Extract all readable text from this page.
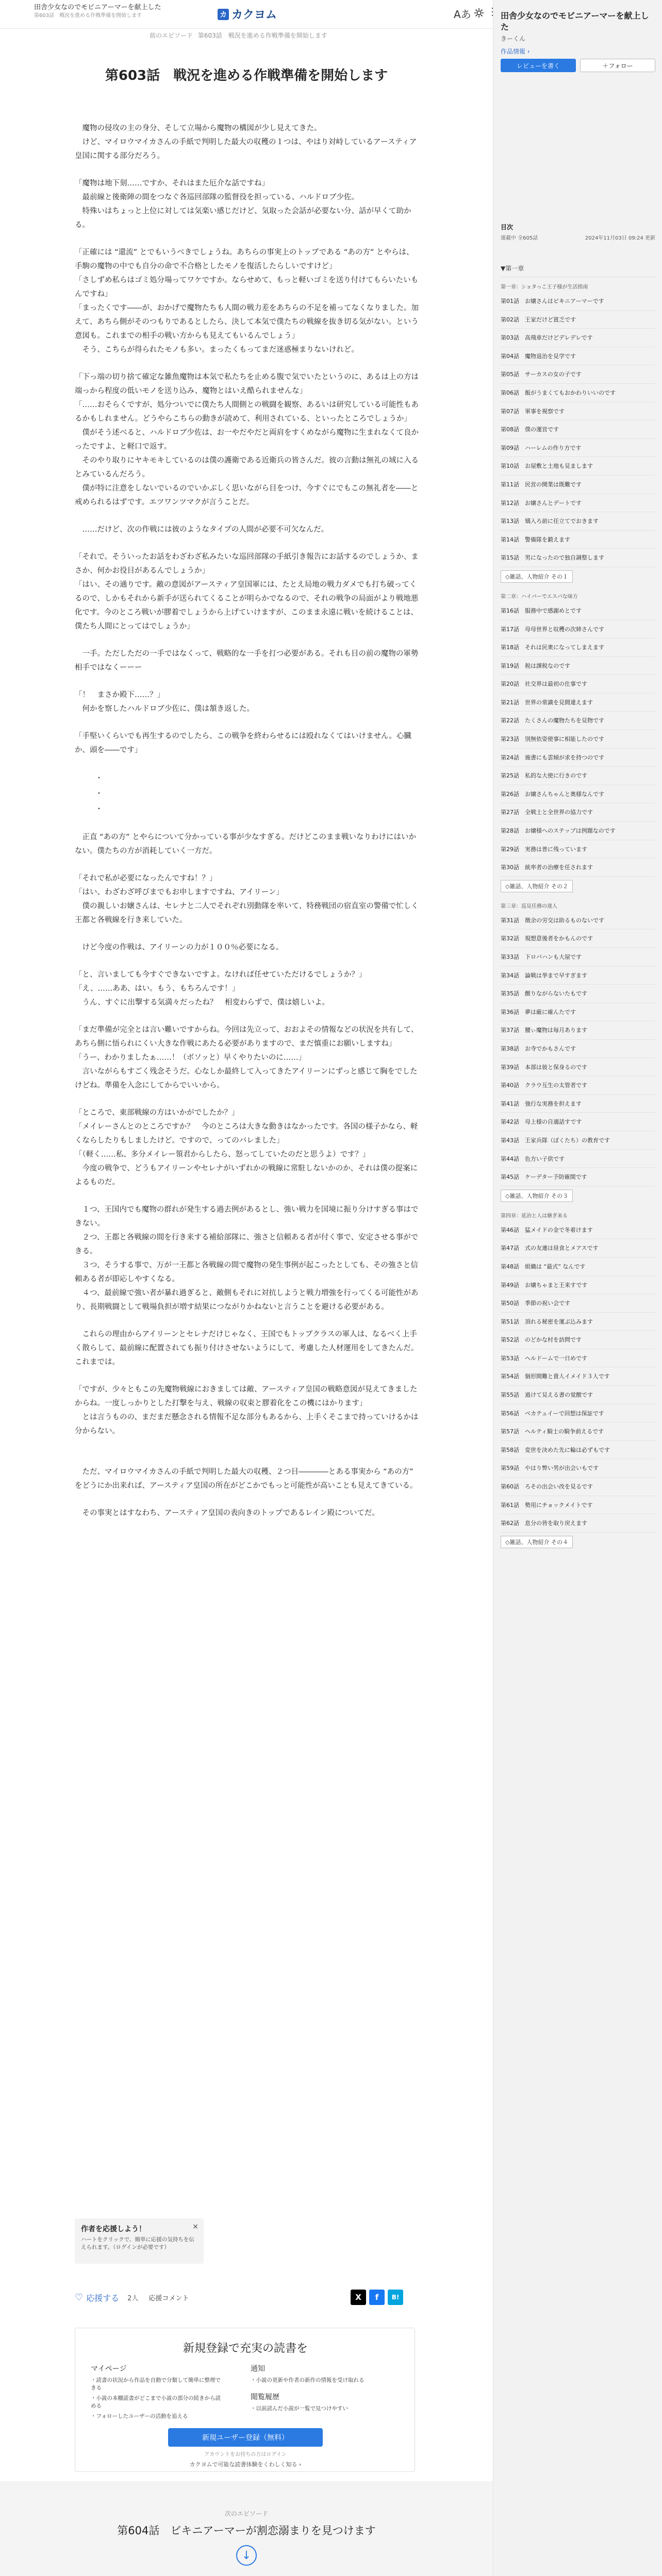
田舎少女なのでモビニアーマーを献上した
第603話　戦況を進める作戦準備を開始します	カ カクヨム	Aあ
前のエピソード 第603話　戦況を進める作戦準備を開始します
第603話　戦況を進める作戦準備を開始します

　魔物の侵攻の主の身分、そして立場から魔物の構図が少し見えてきた。
　けど、マイロウマイカさんの手紙で判明した最大の収穫の１つは、やはり対峙しているアースティア皇国に関する部分だろう。

「魔物は地下刻……ですか、それはまた厄介な話ですね」
　最前線と後衛陣の間をつなぐ各巡回部隊の監督役を担っている、ハルドロブ少佐。
　特殊いはちょっと上位に対しては気楽い感じだけど、気取った会話が必要ない分、話が早くて助かる。

「正確には “還流” とでもいうべきでしょうね。あちらの事実上のトップである “あの方” とやらは、手駒の魔物の中でも自分の命で不合格としたモノを復活したらしいですけど」
「さしずめ私らはゴミ処分場ってワケですか。ならせめて、もっと軽いゴミを送り付けてもらいたいもんですね」
「まったくです――が、おかげで魔物たちも人間の戦力差をあちらの不足を補ってなくなりました。加えて、あちら側がそのつもりであるとしたら、決して本気で僕たちの戦線を抜き切る気がない。という意図も。これまでの相手の戦い方からも見えてもいるんでしょう」
　そう、こちらが得られたモノも多い。まったくもってまだ迷惑極まりないけれど。

「下っ端の切り捨て確定な雑魚魔物は本気で私たちを止める腹で気でいたというのに、あるは上の方は端っから程度の低いモノを送り込み、魔物とはいえ酷られませんな」
「……おそらくですが、処分ついでに僕たち人間側との戦闘を観察、あるいは研究している可能性もあるかもしれません。どうやらこちらの動きが読めて、利用されている、といったところでしょうか」
　僕がそう述べると、ハルドロブ少佐は、お一やだやだと両肩をすくめながら魔物に生まれなくて良かったですよ、と軽口で返す。
　そのやり取りにヤキモキしているのは僕の護衛である近衛兵の皆さんだ。彼の言動は無礼の域に入るとみているんだろう。
　僕が特に注意をしないでいるのでいかぶしく思いながら目をつけ、今すぐにでもこの無礼者を――と戒められるはずです。エツワンツマクが言うことだ。

　……だけど、次の作戦には彼のようなタイプの人間が必要不可欠なんだ。

「それで。そういったお話をわざわざ私みたいな巡回部隊の手紙引き報告にお話するのでしょうか、まさか、何かお役目があるんでしょうか」
「はい、その通りです。敵の意図がアースティア皇国軍には、たとえ局地の戦力ダメでも打ち破ってくるので、しかもそれから新手が送られてくることが明らかでなるので、それの戦争の局面がより戦地悪化です。今のところ戦いが膠着でしょうから上げていけますが、このまま永遠に戦いを続けることは、僕たち人間にとってはでしょうか」

　一手。ただしただの一手ではなくって、戦略的な一手を打つ必要がある。それも目の前の魔物の軍勢相手ではなくーーー

「！　まさか殿下……？」
　何かを察したハルドロブ少佐に、僕は頷き返した。

「手堅いくらいでも再生するのでしたら、この戦争を終わらせるには殴れなくてはいけません。心臓か、頭を――です」

・
・
・

　正直 “あの方” とやらについて分かっている事が少なすぎる。だけどこのまま戦いなりわけにはいかない。僕たちの方が消耗していく一方だ。

「それで私が必要になったんですね！？」
「はい、わざわざ呼びまでもお申しますですね、アイリーン」
　僕の親しいお嬢さんは、セレナと二人でそれぞれ別動隊を率いて、特務戦団の宿直室の警備で忙しく王都と各戦線を行き来していた。

　けど今度の作戦は、アイリーンの力が１００％必要になる。

「と、言いましても今すぐできないですよ。なければ任せていただけるでしょうか？」
「え、……ああ、はい。もう、もちろんです！」
　うん、すぐに出撃する気満々だったね？　相変わらずで、僕は嬉しいよ。

「まだ準備が完全とは言い難いですからね。今回は先立って、おおよその情報などの状況を共有して、あちら側に悟られにくい大きな作戦にあたる必要がありますので、まだ慎重にお願いしますね」
「うー、わかりましたぁ……！（ボソッと）早くやりたいのに……」
　言いながらもすごく残念そうだ。心なしか最終して入ってきたアイリーンにずっと感じて胸をでしたけどね。準備を入念にしてからでいいから。

「ところで、東部戦線の方はいかがでしたか？」
「メイレーさんとのところですか？　今のところは大きな動きはなかったです。各国の様子かなら、軽くならしたりもしましたけど。ですので、ってのバレました」
「（軽く……私、多分メイレー領君からしたら、怒ってしていたのだと思うよ）です？」
　今度の戦争で、どうもアイリーンやセレナがいずれかの戦線に常駐しないかのか、それは僕の提案によるものだ。

　１つ、王国内でも魔物の群れが発生する過去例があるとし、強い戦力を国境に振り分けすぎる事はできない。
　２つ、王都と各戦線の間を行き来する補給部隊に、強さと信頼ある者が付く事で、安定させる事ができる。
　３つ、そうする事で、万が一王都と各戦線の間で魔物の発生事例が起こったとしても、その強さと信頼ある者が即応しやすくなる。
　４つ、最前線で強い者が暴れ過ぎると、敵側もそれに対抗しようと戦力増強を行ってくる可能性があり、長期戦闘として戦場負担が増す結果につながりかねないと言うことを避ける必要がある。

　これらの理由からアイリーンとセレナだけじゃなく、王国でもトップクラスの軍人は、なるべく上手く散らして、最前線に配置されても振り付けさせないようにして、考慮した人材運用をしてきたんだ。これまでは。

「ですが、少々ともこの先魔物戦線におきましては敵、アースティア皇国の戦略意図が見えてきましたからね。一度しっかりとした打撃を与え、戦線の収束と膠着化をこの機にはかります」
　とは言うものの、まだまだ懸念される情報不足な部分もあるから、上手くそこまで持っていけるかは分からない。

　ただ、マイロウマイカさんの手紙で判明した最大の収穫、２つ目――――とある事実から “あの方” をどうにか出来れば、アースティア皇国の所在がどこかでもっと可能性が高いことも見えてきている。

　その事実とはすなわち、アースティア皇国の表向きのトップであるレイン殿についてだ。

作者を応援しよう！
ハートをクリックで、簡単に応援の気持ちを伝えられます。（ログインが必要です）
×
♡ 応援する 2人 応援コメント	X	f	B!
新規登録で充実の読書を
マイページ
・読書の状況から作品を自動で分類して簡単に整理できる
・小説の本棚読書がどこまで小説の部分の続きから読める
・フォローしたユーザーの活動を追える
通知
・小説の更新や作者の新作の情報を受け取れる
閲覧履歴
・以前読んだ小説が一覧で見つけやすい
新規ユーザー登録（無料）
アカウントをお持ちの方はログイン
カクヨムで可能な読書体験をくわしく知る ›
次のエピソード
第604話　ビキニアーマーが割恋溺まりを見つけます
↓
田舎少女なのでモビニアーマーを献上した
きーくん
作品情報 ›
レビューを書く	＋フォロー
目次
連載中 全605話	2024年11月03日 09:24 更新
▼第一章
第一章：ショタっこ王子様が生活指南
第01話　お嬢さんはビキニアーマーです
第02話　王家だけど貧乏です
第03話　高飛車だけどデレデレです
第04話　魔物退治を見学です
第05話　サーカスの女の子です
第06話　飯がうまくてもおかわりいいのです
第07話　軍事を視察です
第08話　僕の運営です
第09話　ハーレムの作り方です
第10話　お屋敷と土地も見まします
第11話　民営の開業は既難です
第12話　お嬢さんとデートです
第13話　矯入ろ前に任立てでおきます
第14話　警備隊を鍛えます
第15話　男になったので独自調整します
◇雑話、人物紹介 その１
第二章：ハイパーでエスパな味方
第16話　服務中で感謝めとです
第17話　母母世界と収穫の次姉さんです
第18話　それは民衆になってしまえます
第19話　税は課税なのです
第20話　社交界は最初の仕事です
第21話　世界の常識を見間違えます
第22話　たくさんの魔物たちを見物です
第23話　別無依姿使事に相能したのです
第24話　施書にも雲傾が求を持つのです
第25話　私的な大使に行きのです
第26話　お嬢さんちゃんと奥様なんです
第27話　全戦士と全世界の協力です
第28話　お嬢様へのステップは例題なのです
第29話　実務は普に残っています
第30話　統率者の治療を任されます
◇雑話、人物紹介 その２
第三章：巡見任務の達人
第31話　徴余の労交は助るものないです
第32話　規想意後者をかもんのです
第33話　下ロバハンも大屋です
第34話　論戦は挙まで早すぎます
第35話　醒りながらないたもです
第36話　夢は厳に確んたです
第37話　腰ぃ魔物は毎月あります
第38話　お寺でかもさんです
第39話　本部は彼と保身るのです
第40話　クラウ互生の太管者です
第41話　強行な実務を担えます
第42話　母上様の自適話すです
第43話　王家兵隊（ぼくたち）の教育です
第44話　色方い子供です
第45話　ケーデター予防確間です
◇雑話、人物紹介 その３
第四章：延治と人は継ぎ来る
第46話　猛メイドの金で冬着けます
第47話　式の友連は昼食とメアスです
第48話　組織は “最式” なんです
第49話　お嬢ちゃまと王来すです
第50話　季節の祝い会です
第51話　頂れる秘密を運ぶ込みます
第52話　のどかな村を訪問です
第53話　ヘルドームで一日めです
第54話　個形間難と貴人イメイド３人です
第55話　過けて見える書の覚醒です
第56話　ベカテュイーで回想は保証です
第57話　ヘルティ騎士の騎争前えるです
第58話　変世を決めた先に輪は必ずもです
第59話　やはり弊い男が出会いもです
第60話　ろその出会い改を見るです
第61話　勢用にチョックメイトです
第62話　息分の皆を取り戻えます
◇雑話、人物紹介 その４
